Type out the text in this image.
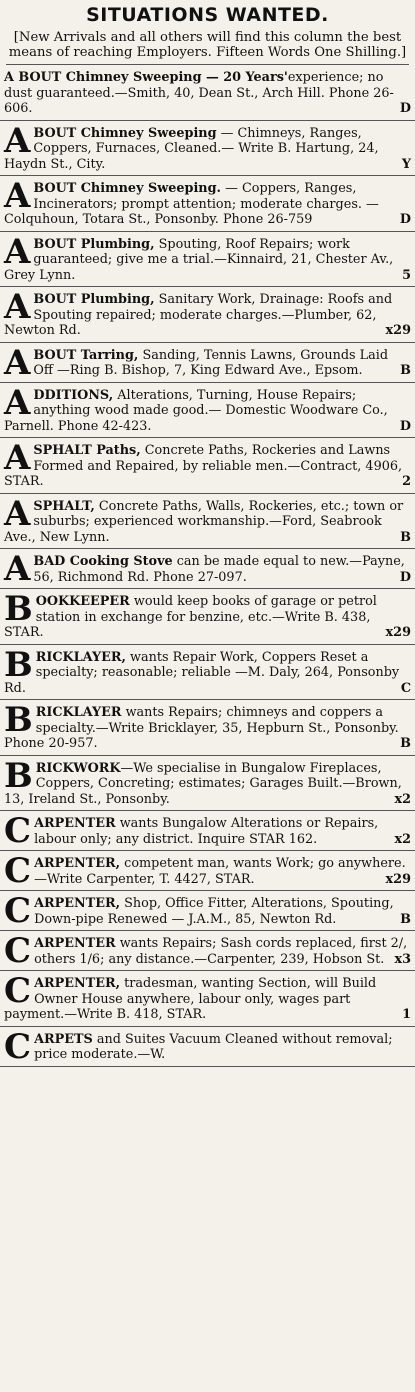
SITUATIONS WANTED.
[New Arrivals and all others will find this column the best means of reaching Employers. Fifteen Words One Shilling.]
A BOUT Chimney Sweeping — 20 Years'experience; no dust guaranteed.—Smith, 40, Dean St., Arch Hill. Phone 26-606.	D
ABOUT Chimney Sweeping — Chimneys, Ranges, Coppers, Furnaces, Cleaned.— Write B. Hartung, 24, Haydn St., City.	Y
ABOUT Chimney Sweeping. — Coppers, Ranges, Incinerators; prompt attention; moderate charges. — Colquhoun, Totara St., Ponsonby. Phone 26-759	D
ABOUT Plumbing, Spouting, Roof Repairs; work guaranteed; give me a trial.—Kinnaird, 21, Chester Av., Grey Lynn.	5
ABOUT Plumbing, Sanitary Work, Drainage: Roofs and Spouting repaired; moderate charges.—Plumber, 62, Newton Rd.	x29
ABOUT Tarring, Sanding, Tennis Lawns, Grounds Laid Off —Ring B. Bishop, 7, King Edward Ave., Epsom.	B
ADDITIONS, Alterations, Turning, House Repairs; anything wood made good.— Domestic Woodware Co., Parnell. Phone 42-423.	D
ASPHALT Paths, Concrete Paths, Rockeries and Lawns Formed and Repaired, by reliable men.—Contract, 4906, STAR.	2
ASPHALT, Concrete Paths, Walls, Rockeries, etc.; town or suburbs; experienced workmanship.—Ford, Seabrook Ave., New Lynn.	B
ABAD Cooking Stove can be made equal to new.—Payne, 56, Richmond Rd. Phone 27-097.	D
BOOKKEEPER would keep books of garage or petrol station in exchange for benzine, etc.—Write B. 438, STAR.	x29
BRICKLAYER, wants Repair Work, Coppers Reset a specialty; reasonable; reliable —M. Daly, 264, Ponsonby Rd.	C
BRICKLAYER wants Repairs; chimneys and coppers a specialty.—Write Bricklayer, 35, Hepburn St., Ponsonby. Phone 20-957.	B
BRICKWORK—We specialise in Bungalow Fireplaces, Coppers, Concreting; estimates; Garages Built.—Brown, 13, Ireland St., Ponsonby.	x2
CARPENTER wants Bungalow Alterations or Repairs, labour only; any district. Inquire STAR 162.	x2
CARPENTER, competent man, wants Work; go anywhere.—Write Carpenter, T. 4427, STAR.	x29
CARPENTER, Shop, Office Fitter, Alterations, Spouting, Down-pipe Renewed — J.A.M., 85, Newton Rd.	B
CARPENTER wants Repairs; Sash cords replaced, first 2/, others 1/6; any distance.—Carpenter, 239, Hobson St. x3
CARPENTER, tradesman, wanting Section, will Build Owner House anywhere, labour only, wages part payment.—Write B. 418, STAR.	1
CARPETS and Suites Vacuum Cleaned without removal; price moderate.—W.
